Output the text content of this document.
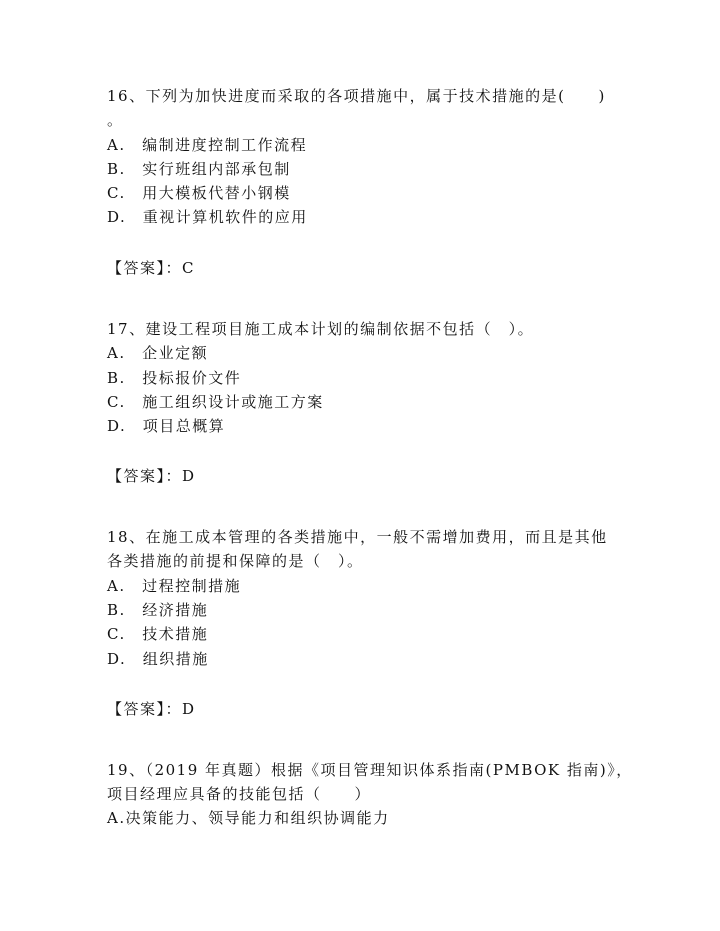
16、下列为加快进度而采取的各项措施中，属于技术措施的是(　　)
。
A.　编制进度控制工作流程
B.　实行班组内部承包制
C.　用大模板代替小钢模
D.　重视计算机软件的应用
【答案】：C
17、建设工程项目施工成本计划的编制依据不包括（　）。
A.　企业定额
B.　投标报价文件
C.　施工组织设计或施工方案
D.　项目总概算
【答案】：D
18、在施工成本管理的各类措施中，一般不需增加费用，而且是其他
各类措施的前提和保障的是（　）。
A.　过程控制措施
B.　经济措施
C.　技术措施
D.　组织措施
【答案】：D
19、（2019 年真题）根据《项目管理知识体系指南(PMBOK 指南)》，
项目经理应具备的技能包括（　　）
A.决策能力、领导能力和组织协调能力
